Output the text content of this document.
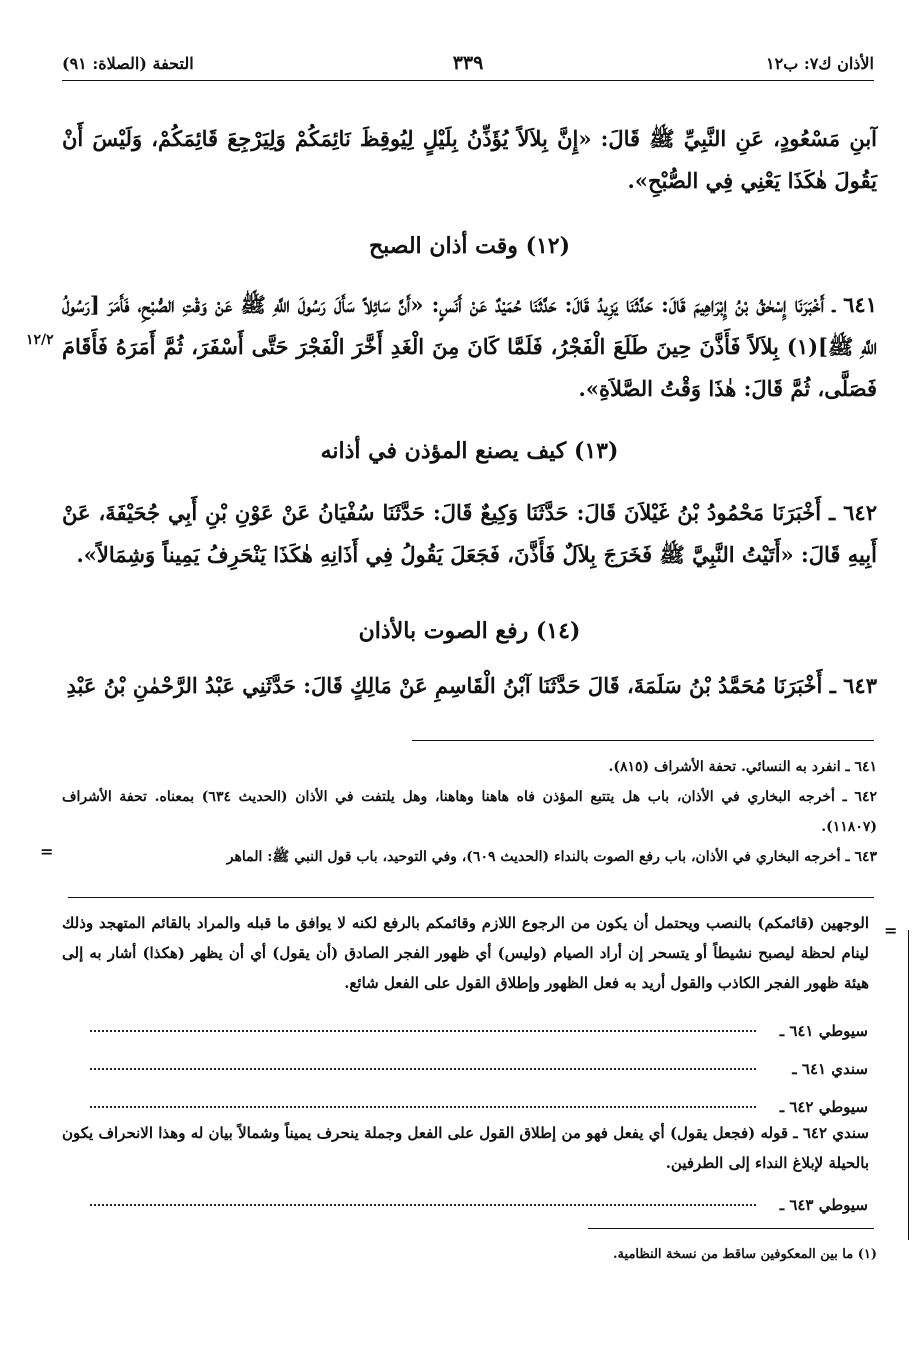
الأذان ك٧: ب١٢
٣٣٩
التحفة (الصلاة: ٩١)
آبنِ مَسْعُودٍ، عَنِ النَّبِيِّ ﷺ قَالَ: «إِنَّ بِلاَلاً يُؤَذِّنُ بِلَيْلٍ لِيُوقِظَ نَائِمَكُمْ وَلِيَرْجِعَ قَائِمَكُمْ، وَلَيْسَ أَنْ يَقُولَ هٰكَذَا يَعْنِي فِي الصُّبْحِ».
(١٢) وقت أذان الصبح
٦٤١ ـ أَخْبَرَنَا إِسْحٰقُ بْنُ إِبْرَاهِيمَ قَالَ: حَدَّثَنَا يَزِيدُ قَالَ: حَدَّثَنَا حُمَيْدٌ عَنْ أَنَسٍ: «أَنَّ سَائِلاً سَأَلَ رَسُولَ اللَّهِ ﷺ عَنْ وَقْتِ الصُّبْحِ، فَأَمَرَ [رَسُولُ اللَّهِ ﷺ](١) بِلاَلاً فَأَذَّنَ حِينَ طَلَعَ الْفَجْرُ، فَلَمَّا كَانَ مِنَ الْغَدِ أَخَّرَ الْفَجْرَ حَتَّى أَسْفَرَ، ثُمَّ أَمَرَهُ فَأَقَامَ فَصَلَّى، ثُمَّ قَالَ: هٰذَا وَقْتُ الصَّلاَةِ».
١٢/٢
(١٣) كيف يصنع المؤذن في أذانه
٦٤٢ ـ أَخْبَرَنَا مَحْمُودُ بْنُ غَيْلاَنَ قَالَ: حَدَّثَنَا وَكِيعٌ قَالَ: حَدَّثَنَا سُفْيَانُ عَنْ عَوْنِ بْنِ أَبِي جُحَيْفَةَ، عَنْ أَبِيهِ قَالَ: «أَتَيْتُ النَّبِيَّ ﷺ فَخَرَجَ بِلاَلٌ فَأَذَّنَ، فَجَعَلَ يَقُولُ فِي أَذَانِهِ هٰكَذَا يَنْحَرِفُ يَمِيناً وَشِمَالاً».
(١٤) رفع الصوت بالأذان
٦٤٣ ـ أَخْبَرَنَا مُحَمَّدُ بْنُ سَلَمَةَ، قَالَ حَدَّثَنَا آبْنُ الْقَاسِمِ عَنْ مَالِكٍ قَالَ: حَدَّثَنِي عَبْدُ الرَّحْمٰنِ بْنُ عَبْدِ
٦٤١ ـ انفرد به النسائي. تحفة الأشراف (٨١٥).
٦٤٢ ـ أخرجه البخاري في الأذان، باب هل يتتبع المؤذن فاه هاهنا وهاهنا، وهل يلتفت في الأذان (الحديث ٦٣٤) بمعناه. تحفة الأشراف (١١٨٠٧).
٦٤٣ ـ أخرجه البخاري في الأذان، باب رفع الصوت بالنداء (الحديث ٦٠٩)، وفي التوحيد، باب قول النبي ﷺ: الماهر
=
=
الوجهين (قائمكم) بالنصب ويحتمل أن يكون من الرجوع اللازم وقائمكم بالرفع لكنه لا يوافق ما قبله والمراد بالقائم المتهجد وذلك لينام لحظة ليصبح نشيطاً أو يتسحر إن أراد الصيام (وليس) أي ظهور الفجر الصادق (أن يقول) أي أن يظهر (هكذا) أشار به إلى هيئة ظهور الفجر الكاذب والقول أريد به فعل الظهور وإطلاق القول على الفعل شائع.
سيوطي ٦٤١ ـ
سندي ٦٤١ ـ
سيوطي ٦٤٢ ـ
سندي ٦٤٢ ـ قوله (فجعل يقول) أي يفعل فهو من إطلاق القول على الفعل وجملة ينحرف يميناً وشمالاً بيان له وهذا الانحراف يكون بالحيلة لإبلاغ النداء إلى الطرفين.
سيوطي ٦٤٣ ـ
(١) ما بين المعكوفين ساقط من نسخة النظامية.
